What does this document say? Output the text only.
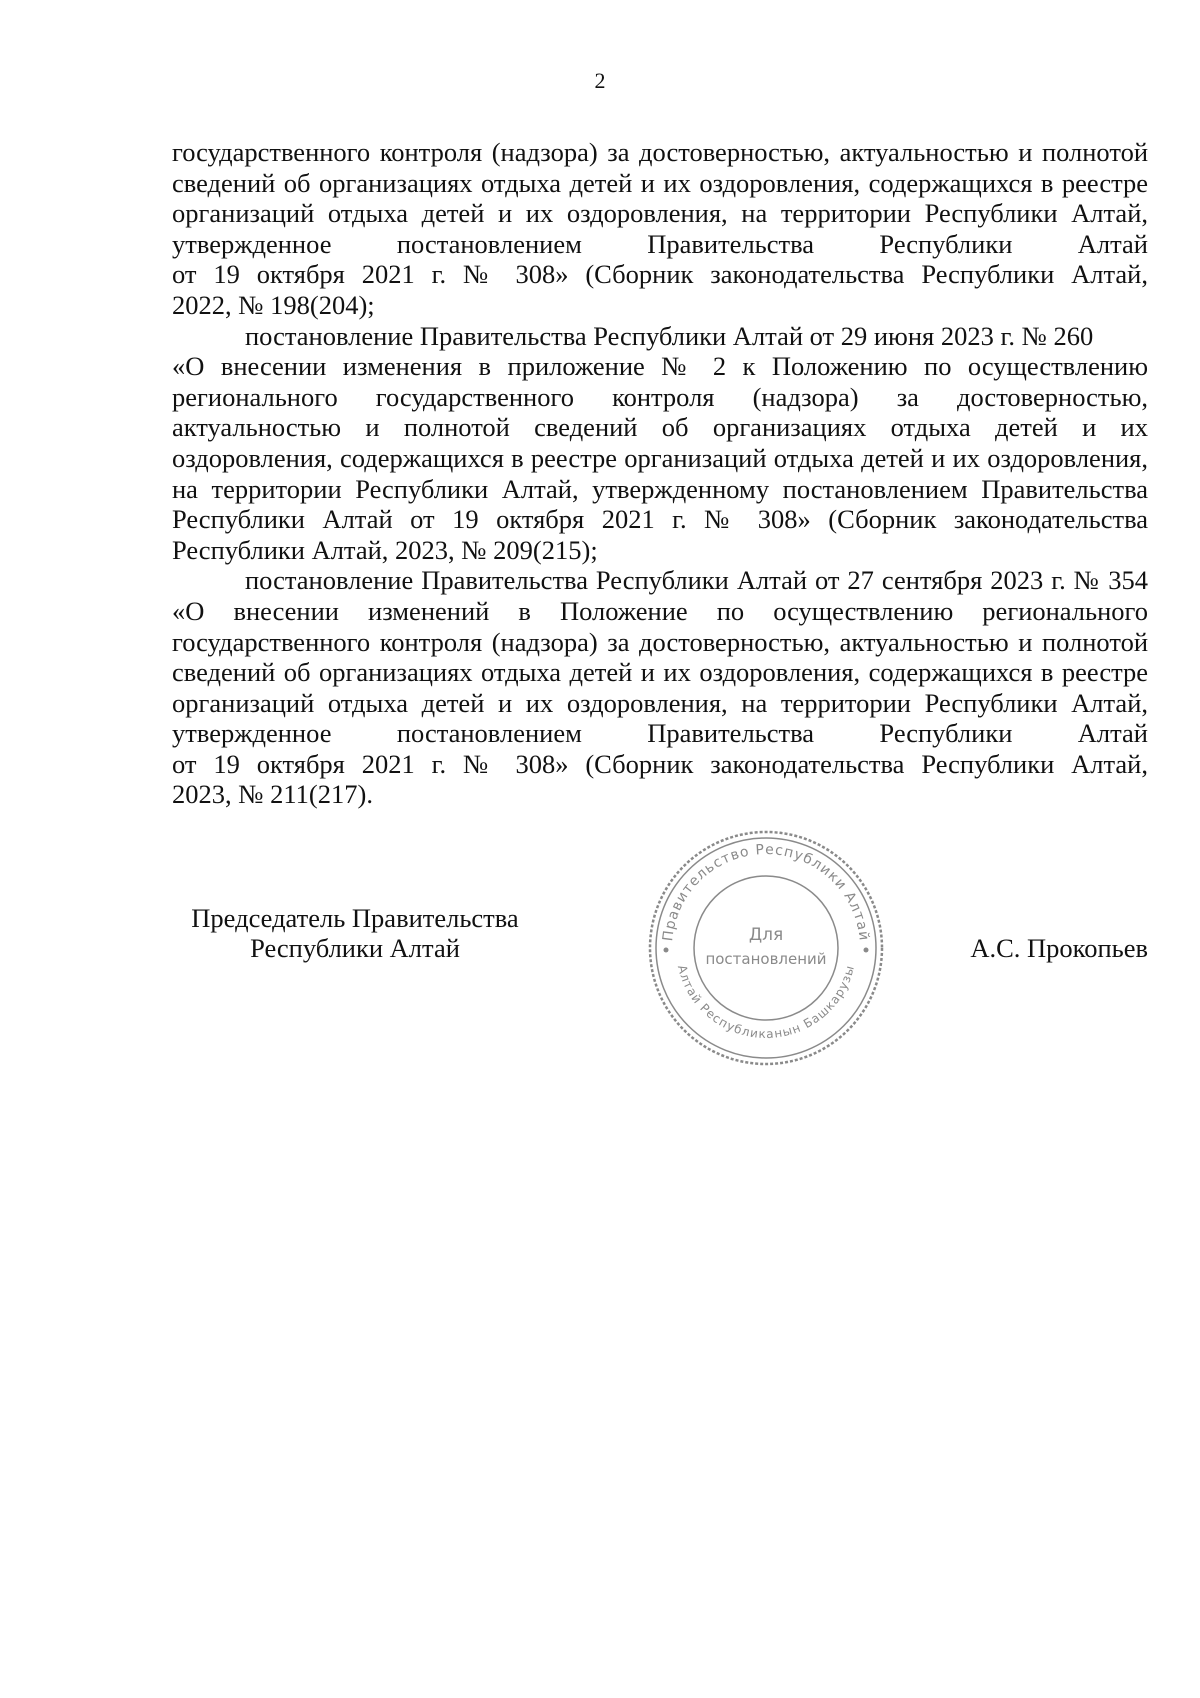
2
государственного контроля (надзора) за достоверностью, актуальностью и полнотой
сведений об организациях отдыха детей и их оздоровления, содержащихся в реестре
организаций отдыха детей и их оздоровления, на территории Республики Алтай,
утвержденное постановлением Правительства Республики Алтай
от 19 октября 2021 г. № 308» (Сборник законодательства Республики Алтай,
2022, № 198(204);
постановление Правительства Республики Алтай от 29 июня 2023 г. № 260
«О внесении изменения в приложение № 2 к Положению по осуществлению
регионального государственного контроля (надзора) за достоверностью,
актуальностью и полнотой сведений об организациях отдыха детей и их
оздоровления, содержащихся в реестре организаций отдыха детей и их оздоровления,
на территории Республики Алтай, утвержденному постановлением Правительства
Республики Алтай от 19 октября 2021 г. № 308» (Сборник законодательства
Республики Алтай, 2023, № 209(215);
постановление Правительства Республики Алтай от 27 сентября 2023 г. № 354
«О внесении изменений в Положение по осуществлению регионального
государственного контроля (надзора) за достоверностью, актуальностью и полнотой
сведений об организациях отдыха детей и их оздоровления, содержащихся в реестре
организаций отдыха детей и их оздоровления, на территории Республики Алтай,
утвержденное постановлением Правительства Республики Алтай
от 19 октября 2021 г. № 308» (Сборник законодательства Республики Алтай,
2023, № 211(217).
Председатель Правительства
Республики Алтай	Правительство Республики Алтай
Алтай Республиканын Башкарузы
Для
постановлений	А.С. Прокопьев
